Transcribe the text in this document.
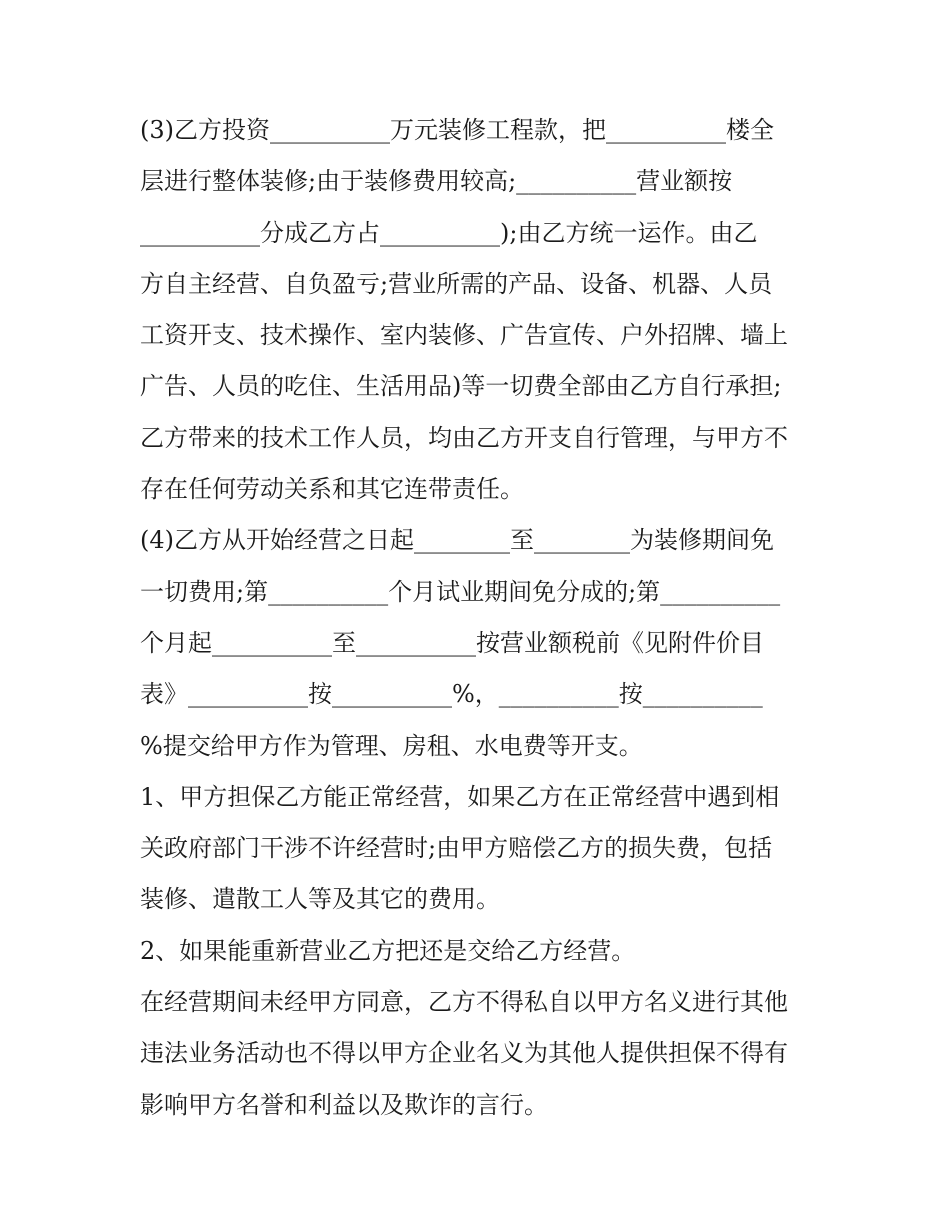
(3)乙方投资__________万元装修工程款，把__________楼全
层进行整体装修;由于装修费用较高;__________营业额按
__________分成乙方占__________);由乙方统一运作。由乙
方自主经营、自负盈亏;营业所需的产品、设备、机器、人员
工资开支、技术操作、室内装修、广告宣传、户外招牌、墙上
广告、人员的吃住、生活用品)等一切费全部由乙方自行承担;
乙方带来的技术工作人员，均由乙方开支自行管理，与甲方不
存在任何劳动关系和其它连带责任。
(4)乙方从开始经营之日起________至________为装修期间免
一切费用;第__________个月试业期间免分成的;第__________
个月起__________至__________按营业额税前《见附件价目
表》__________按__________%，__________按__________
%提交给甲方作为管理、房租、水电费等开支。
1、甲方担保乙方能正常经营，如果乙方在正常经营中遇到相
关政府部门干涉不许经营时;由甲方赔偿乙方的损失费，包括
装修、遣散工人等及其它的费用。
2、如果能重新营业乙方把还是交给乙方经营。
在经营期间未经甲方同意，乙方不得私自以甲方名义进行其他
违法业务活动也不得以甲方企业名义为其他人提供担保不得有
影响甲方名誉和利益以及欺诈的言行。
